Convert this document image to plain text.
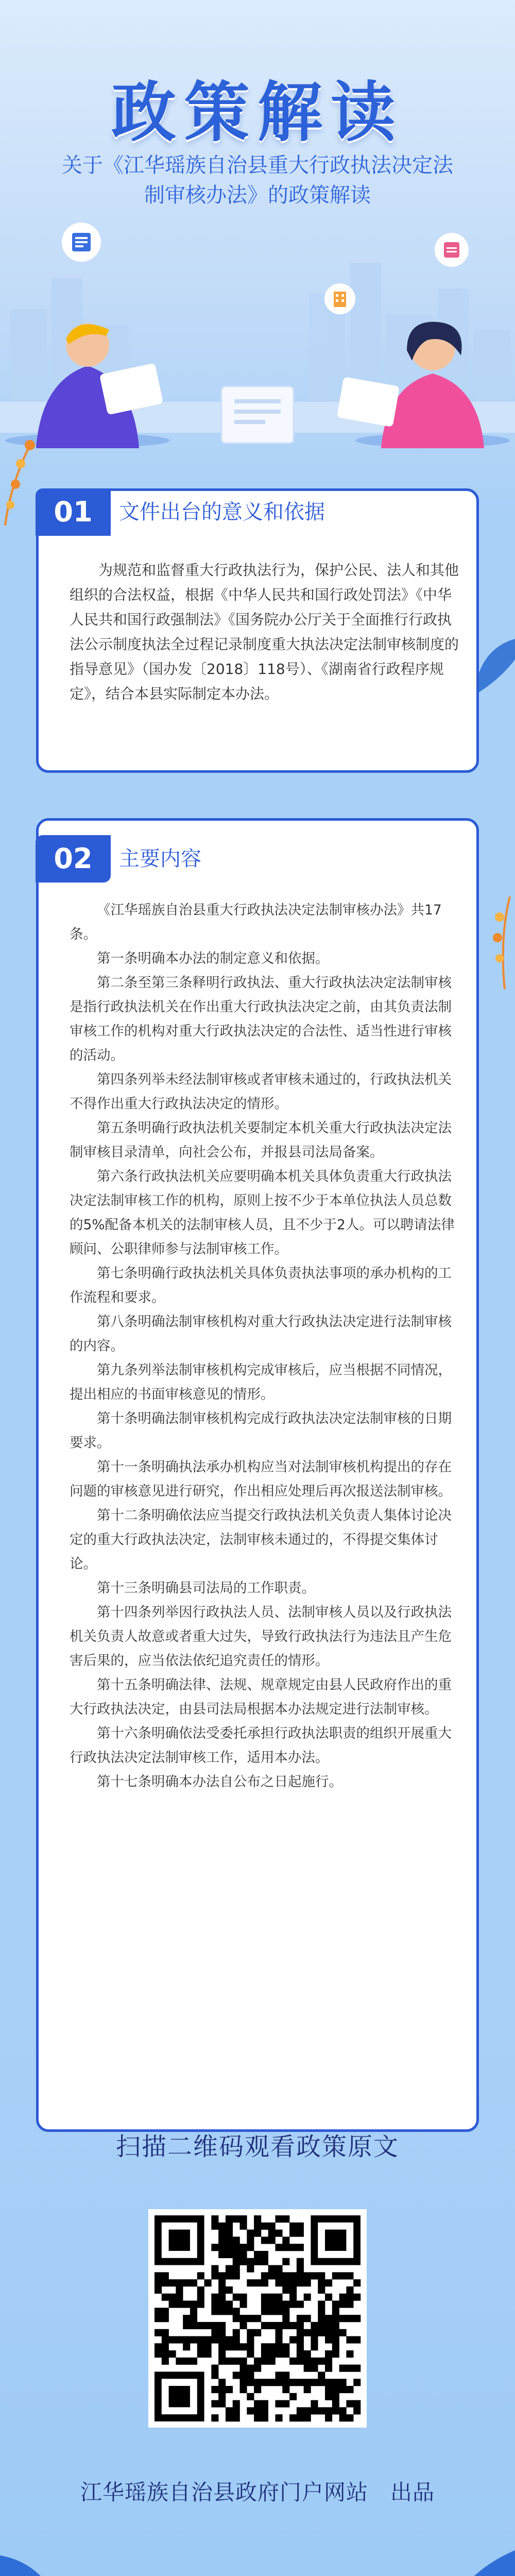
政策解读
关于《江华瑶族自治县重大行政执法决定法制审核办法》的政策解读
01	文件出台的意义和依据
为规范和监督重大行政执法行为，保护公民、法人和其他组织的合法权益，根据《中华人民共和国行政处罚法》《中华人民共和国行政强制法》《国务院办公厅关于全面推行行政执法公示制度执法全过程记录制度重大执法决定法制审核制度的指导意见》（国办发〔2018〕118号）、《湖南省行政程序规定》，结合本县实际制定本办法。
02	主要内容
《江华瑶族自治县重大行政执法决定法制审核办法》共17条。
第一条明确本办法的制定意义和依据。
第二条至第三条释明行政执法、重大行政执法决定法制审核是指行政执法机关在作出重大行政执法决定之前，由其负责法制审核工作的机构对重大行政执法决定的合法性、适当性进行审核的活动。
第四条列举未经法制审核或者审核未通过的，行政执法机关不得作出重大行政执法决定的情形。
第五条明确行政执法机关要制定本机关重大行政执法决定法制审核目录清单，向社会公布，并报县司法局备案。
第六条行政执法机关应要明确本机关具体负责重大行政执法决定法制审核工作的机构，原则上按不少于本单位执法人员总数的5%配备本机关的法制审核人员，且不少于2人。可以聘请法律顾问、公职律师参与法制审核工作。
第七条明确行政执法机关具体负责执法事项的承办机构的工作流程和要求。
第八条明确法制审核机构对重大行政执法决定进行法制审核的内容。
第九条列举法制审核机构完成审核后，应当根据不同情况，提出相应的书面审核意见的情形。
第十条明确法制审核机构完成行政执法决定法制审核的日期要求。
第十一条明确执法承办机构应当对法制审核机构提出的存在问题的审核意见进行研究，作出相应处理后再次报送法制审核。
第十二条明确依法应当提交行政执法机关负责人集体讨论决定的重大行政执法决定，法制审核未通过的，不得提交集体讨论。
第十三条明确县司法局的工作职责。
第十四条列举因行政执法人员、法制审核人员以及行政执法机关负责人故意或者重大过失，导致行政执法行为违法且产生危害后果的，应当依法依纪追究责任的情形。
第十五条明确法律、法规、规章规定由县人民政府作出的重大行政执法决定，由县司法局根据本办法规定进行法制审核。
第十六条明确依法受委托承担行政执法职责的组织开展重大行政执法决定法制审核工作，适用本办法。
第十七条明确本办法自公布之日起施行。
扫描二维码观看政策原文
江华瑶族自治县政府门户网站　出品
